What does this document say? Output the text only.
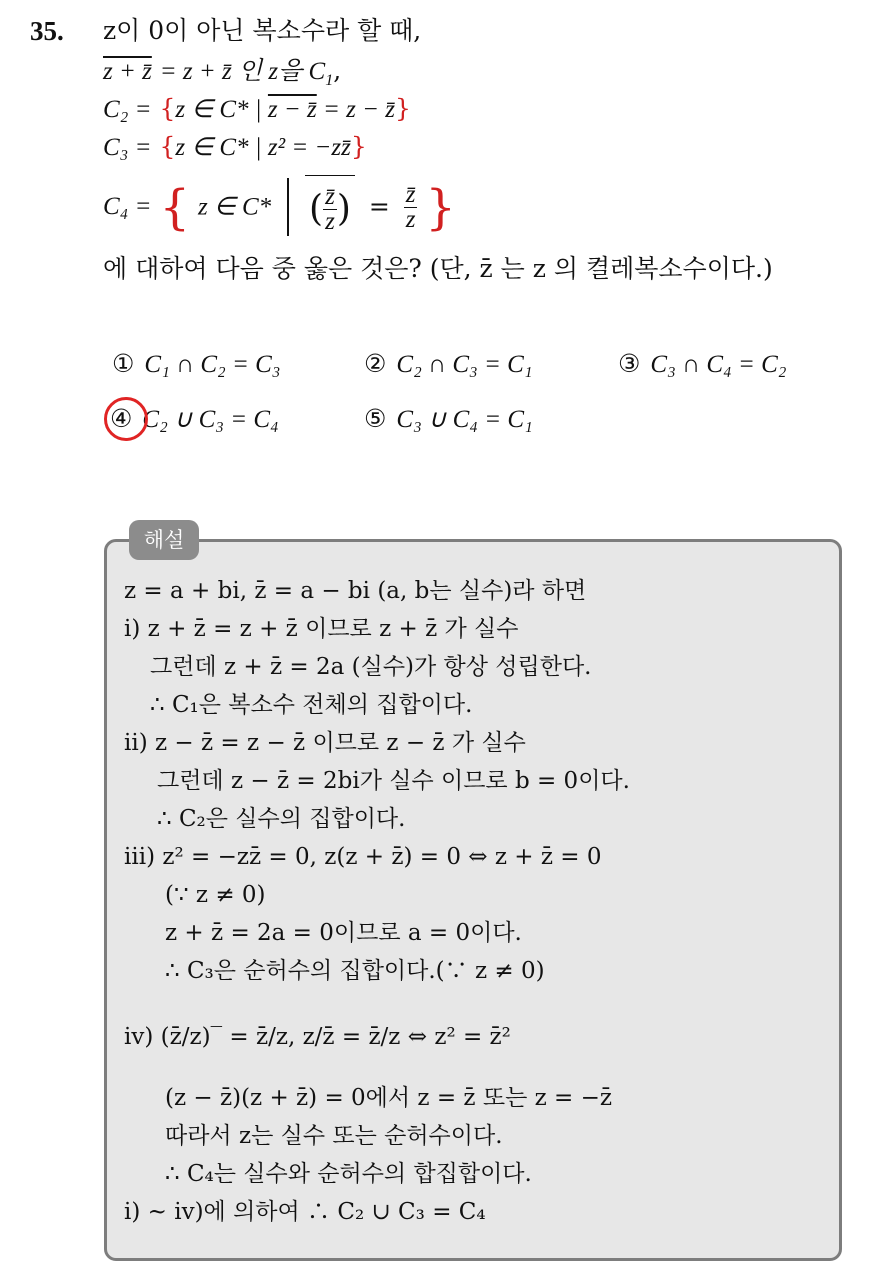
35. z이 0이 아닌 복소수라 할 때,
z + z̄ = z + z̄ 인 z을 $C_1$,
C₂ = {z ∈ C* | z − z̄ = z − z̄}
C₃ = {z ∈ C* | z² = −zz̄}
C₄ = { z ∈ C* ( $\frac{z̄}{z}$ ) = $\frac{z̄}{z}$ }
에 대하여 다음 중 옳은 것은? (단, z̄ 는 z 의 켤레복소수이다.)
① C₁ ∩ C₂ = C₃	② C₂ ∩ C₃ = C₁	③ C₃ ∩ C₄ = C₂
④ C₂ ∪ C₃ = C₄	⑤ C₃ ∪ C₄ = C₁
해설
z = a + bi, z̄ = a − bi (a, b는 실수)라 하면
i) z + z̄ = z + z̄ 이므로 z + z̄ 가 실수
그런데 z + z̄ = 2a (실수)가 항상 성립한다.
∴ C₁은 복소수 전체의 집합이다.
ii) z − z̄ = z − z̄ 이므로 z − z̄ 가 실수
그런데 z − z̄ = 2bi가 실수 이므로 b = 0이다.
∴ C₂은 실수의 집합이다.
iii) z² = −zz̄ = 0, z(z + z̄) = 0 ⇔ z + z̄ = 0
(∵ z ≠ 0)
z + z̄ = 2a = 0이므로 a = 0이다.
∴ C₃은 순허수의 집합이다.(∵ z ≠ 0)
iv) (z̄/z)‾ = z̄/z, z/z̄ = z̄/z ⇔ z² = z̄²
(z − z̄)(z + z̄) = 0에서 z = z̄ 또는 z = −z̄
따라서 z는 실수 또는 순허수이다.
∴ C₄는 실수와 순허수의 합집합이다.
i) ~ iv)에 의하여 ∴ C₂ ∪ C₃ = C₄
